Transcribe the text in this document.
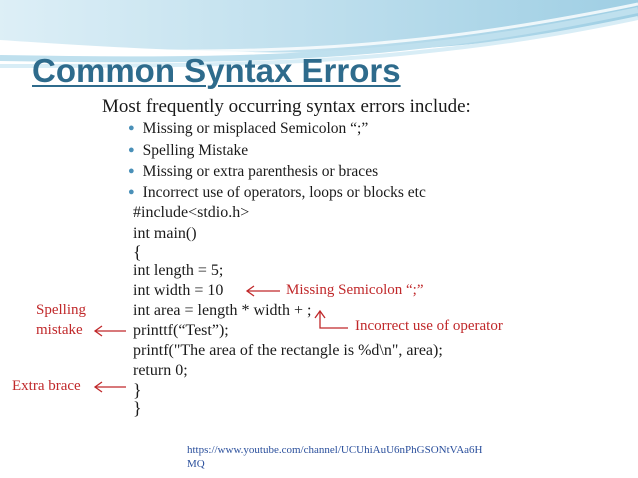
Common Syntax Errors
Most frequently occurring syntax errors include:
● Missing or misplaced Semicolon “;”
● Spelling Mistake
● Missing or extra parenthesis or braces
● Incorrect use of operators, loops or blocks etc
#include<stdio.h>
int main()
{
int length = 5;
int width = 10
int area = length * width + ;
printtf(“Test”);
printf("The area of the rectangle is %d\n", area);
return 0;
}
}
Missing Semicolon “;”
Incorrect use of operator
Spelling
mistake
Extra brace
https://www.youtube.com/channel/UCUhiAuU6nPhGSONtVAa6HMQ
